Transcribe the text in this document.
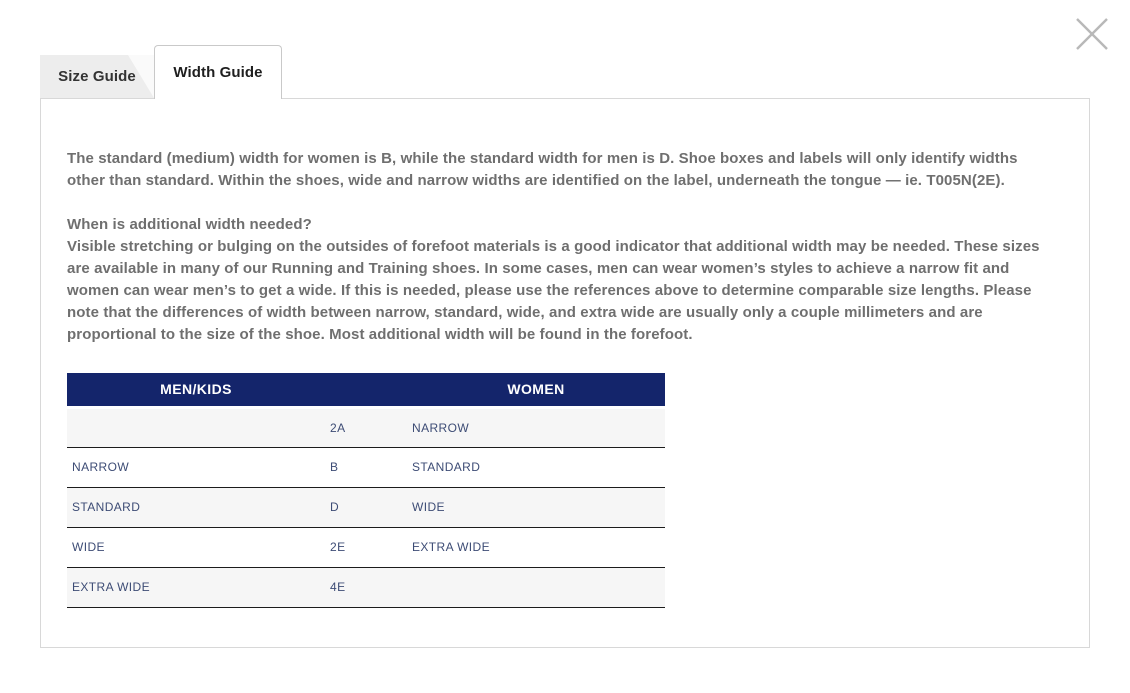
Size Guide	Width Guide

The standard (medium) width for women is B, while the standard width for men is D. Shoe boxes and labels will only identify widths other than standard. Within the shoes, wide and narrow widths are identified on the label, underneath the tongue — ie. T005N(2E).

When is additional width needed?

Visible stretching or bulging on the outsides of forefoot materials is a good indicator that additional width may be needed. These sizes are available in many of our Running and Training shoes. In some cases, men can wear women’s styles to achieve a narrow fit and women can wear men’s to get a wide. If this is needed, please use the references above to determine comparable size lengths. Please note that the differences of width between narrow, standard, wide, and extra wide are usually only a couple millimeters and are proportional to the size of the shoe. Most additional width will be found in the forefoot.

MEN/KIDS		WOMEN
	2A	NARROW
NARROW	B	STANDARD
STANDARD	D	WIDE
WIDE	2E	EXTRA WIDE
EXTRA WIDE	4E	
